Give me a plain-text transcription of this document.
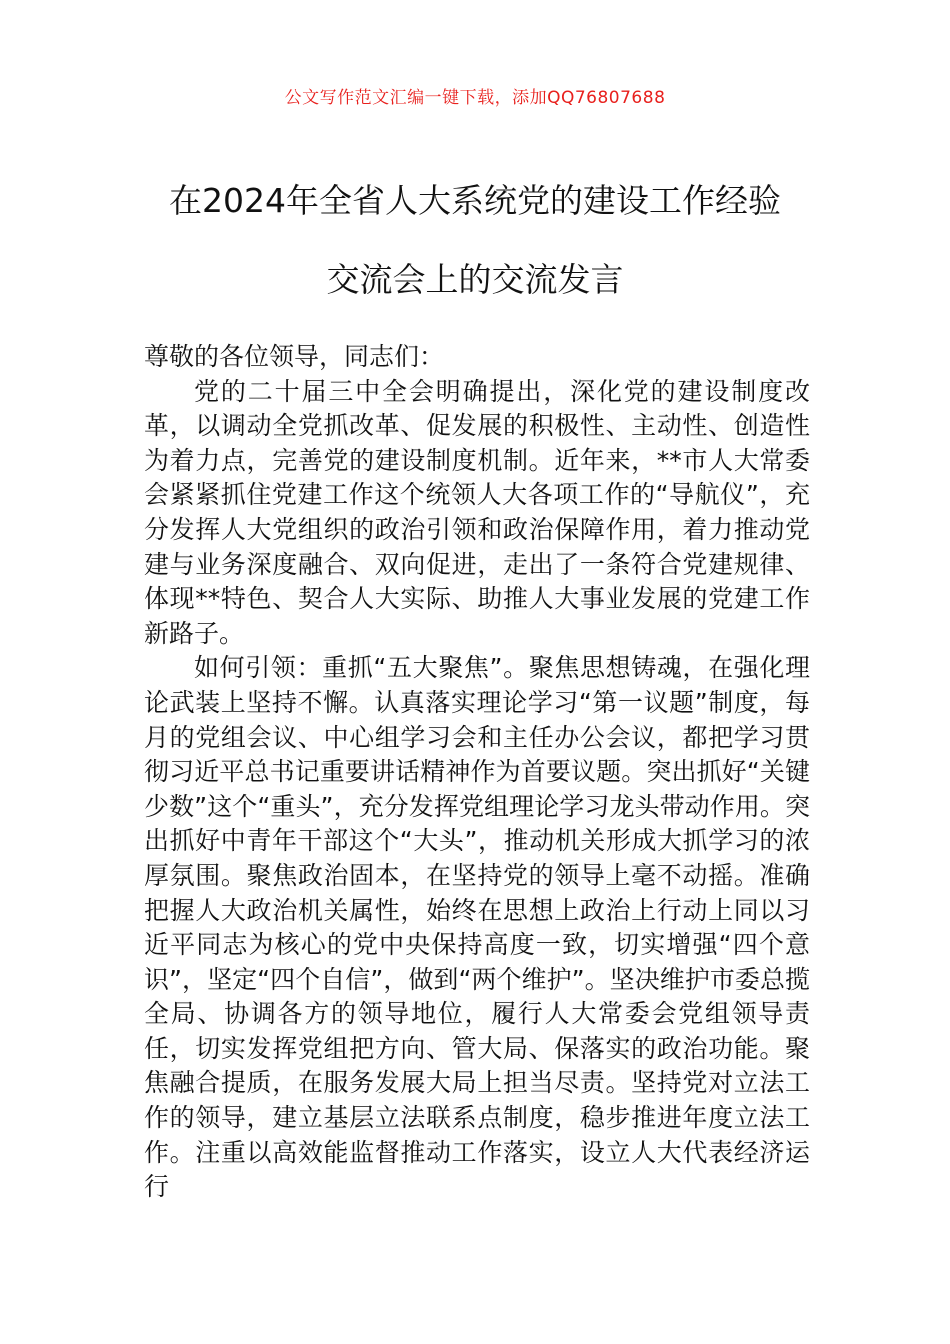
公文写作范文汇编一键下载，添加QQ76807688
在2024年全省人大系统党的建设工作经验
交流会上的交流发言

尊敬的各位领导，同志们：

党的二十届三中全会明确提出，深化党的建设制度改革，以调动全党抓改革、促发展的积极性、主动性、创造性为着力点，完善党的建设制度机制。近年来，**市人大常委会紧紧抓住党建工作这个统领人大各项工作的“导航仪”，充分发挥人大党组织的政治引领和政治保障作用，着力推动党建与业务深度融合、双向促进，走出了一条符合党建规律、体现**特色、契合人大实际、助推人大事业发展的党建工作新路子。

如何引领：重抓“五大聚焦”。聚焦思想铸魂，在强化理论武装上坚持不懈。认真落实理论学习“第一议题”制度，每月的党组会议、中心组学习会和主任办公会议，都把学习贯彻习近平总书记重要讲话精神作为首要议题。突出抓好“关键少数”这个“重头”，充分发挥党组理论学习龙头带动作用。突出抓好中青年干部这个“大头”，推动机关形成大抓学习的浓厚氛围。聚焦政治固本，在坚持党的领导上毫不动摇。准确把握人大政治机关属性，始终在思想上政治上行动上同以习近平同志为核心的党中央保持高度一致，切实增强“四个意识”，坚定“四个自信”，做到“两个维护”。坚决维护市委总揽全局、协调各方的领导地位，履行人大常委会党组领导责任，切实发挥党组把方向、管大局、保落实的政治功能。聚焦融合提质，在服务发展大局上担当尽责。坚持党对立法工作的领导，建立基层立法联系点制度，稳步推进年度立法工作。注重以高效能监督推动工作落实，设立人大代表经济运行
